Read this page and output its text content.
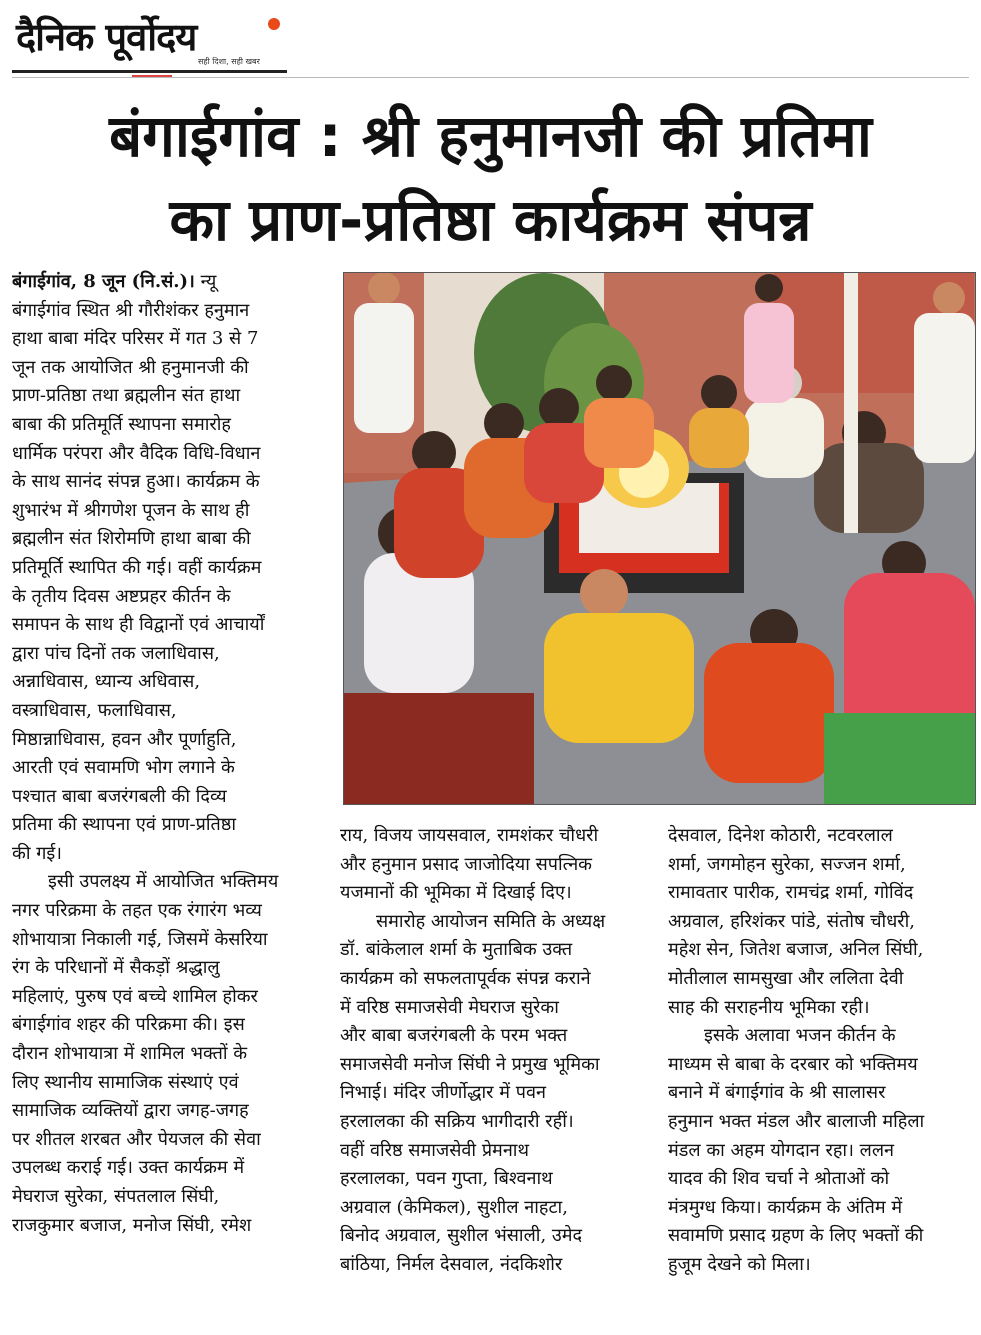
दैनिक पूर्वोदय
सही दिशा, सही खबर
बंगाईगांव : श्री हनुमानजी की प्रतिमा
का प्राण-प्रतिष्ठा कार्यक्रम संपन्न
बंगाईगांव, 8 जून (नि.सं.)। न्यू
बंगाईगांव स्थित श्री गौरीशंकर हनुमान
हाथा बाबा मंदिर परिसर में गत 3 से 7
जून तक आयोजित श्री हनुमानजी की
प्राण-प्रतिष्ठा तथा ब्रह्मलीन संत हाथा
बाबा की प्रतिमूर्ति स्थापना समारोह
धार्मिक परंपरा और वैदिक विधि-विधान
के साथ सानंद संपन्न हुआ। कार्यक्रम के
शुभारंभ में श्रीगणेश पूजन के साथ ही
ब्रह्मलीन संत शिरोमणि हाथा बाबा की
प्रतिमूर्ति स्थापित की गई। वहीं कार्यक्रम
के तृतीय दिवस अष्टप्रहर कीर्तन के
समापन के साथ ही विद्वानों एवं आचार्यों
द्वारा पांच दिनों तक जलाधिवास,
अन्नाधिवास, ध्यान्य अधिवास,
वस्त्राधिवास, फलाधिवास,
मिष्ठान्नाधिवास, हवन और पूर्णाहुति,
आरती एवं सवामणि भोग लगाने के
पश्चात बाबा बजरंगबली की दिव्य
प्रतिमा की स्थापना एवं प्राण-प्रतिष्ठा
की गई।
इसी उपलक्ष्य में आयोजित भक्तिमय
नगर परिक्रमा के तहत एक रंगारंग भव्य
शोभायात्रा निकाली गई, जिसमें केसरिया
रंग के परिधानों में सैकड़ों श्रद्धालु
महिलाएं, पुरुष एवं बच्चे शामिल होकर
बंगाईगांव शहर की परिक्रमा की। इस
दौरान शोभायात्रा में शामिल भक्तों के
लिए स्थानीय सामाजिक संस्थाएं एवं
सामाजिक व्यक्तियों द्वारा जगह-जगह
पर शीतल शरबत और पेयजल की सेवा
उपलब्ध कराई गई। उक्त कार्यक्रम में
मेघराज सुरेका, संपतलाल सिंघी,
राजकुमार बजाज, मनोज सिंघी, रमेश
राय, विजय जायसवाल, रामशंकर चौधरी
और हनुमान प्रसाद जाजोदिया सपत्निक
यजमानों की भूमिका में दिखाई दिए।
समारोह आयोजन समिति के अध्यक्ष
डॉ. बांकेलाल शर्मा के मुताबिक उक्त
कार्यक्रम को सफलतापूर्वक संपन्न कराने
में वरिष्ठ समाजसेवी मेघराज सुरेका
और बाबा बजरंगबली के परम भक्त
समाजसेवी मनोज सिंघी ने प्रमुख भूमिका
निभाई। मंदिर जीर्णोद्धार में पवन
हरलालका की सक्रिय भागीदारी रहीं।
वहीं वरिष्ठ समाजसेवी प्रेमनाथ
हरलालका, पवन गुप्ता, बिश्वनाथ
अग्रवाल (केमिकल), सुशील नाहटा,
बिनोद अग्रवाल, सुशील भंसाली, उमेद
बांठिया, निर्मल देसवाल, नंदकिशोर
देसवाल, दिनेश कोठारी, नटवरलाल
शर्मा, जगमोहन सुरेका, सज्जन शर्मा,
रामावतार पारीक, रामचंद्र शर्मा, गोविंद
अग्रवाल, हरिशंकर पांडे, संतोष चौधरी,
महेश सेन, जितेश बजाज, अनिल सिंघी,
मोतीलाल सामसुखा और ललिता देवी
साह की सराहनीय भूमिका रही।
इसके अलावा भजन कीर्तन के
माध्यम से बाबा के दरबार को भक्तिमय
बनाने में बंगाईगांव के श्री सालासर
हनुमान भक्त मंडल और बालाजी महिला
मंडल का अहम योगदान रहा। ललन
यादव की शिव चर्चा ने श्रोताओं को
मंत्रमुग्ध किया। कार्यक्रम के अंतिम में
सवामणि प्रसाद ग्रहण के लिए भक्तों की
हुजूम देखने को मिला।
